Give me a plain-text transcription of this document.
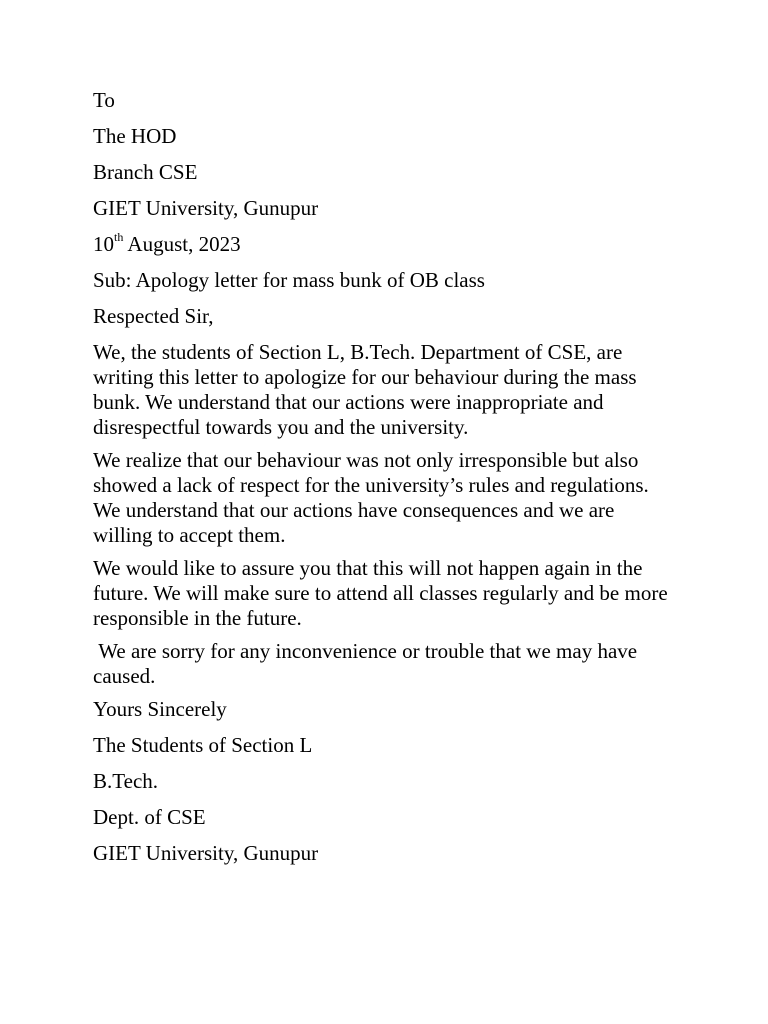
To
The HOD
Branch CSE
GIET University, Gunupur
10th August, 2023
Sub: Apology letter for mass bunk of OB class
Respected Sir,
We, the students of Section L, B.Tech. Department of CSE, are writing this letter to apologize for our behaviour during the mass bunk. We understand that our actions were inappropriate and disrespectful towards you and the university.
We realize that our behaviour was not only irresponsible but also showed a lack of respect for the university’s rules and regulations. We understand that our actions have consequences and we are willing to accept them.
We would like to assure you that this will not happen again in the future. We will make sure to attend all classes regularly and be more responsible in the future.
We are sorry for any inconvenience or trouble that we may have caused.
Yours Sincerely
The Students of Section L
B.Tech.
Dept. of CSE
GIET University, Gunupur
